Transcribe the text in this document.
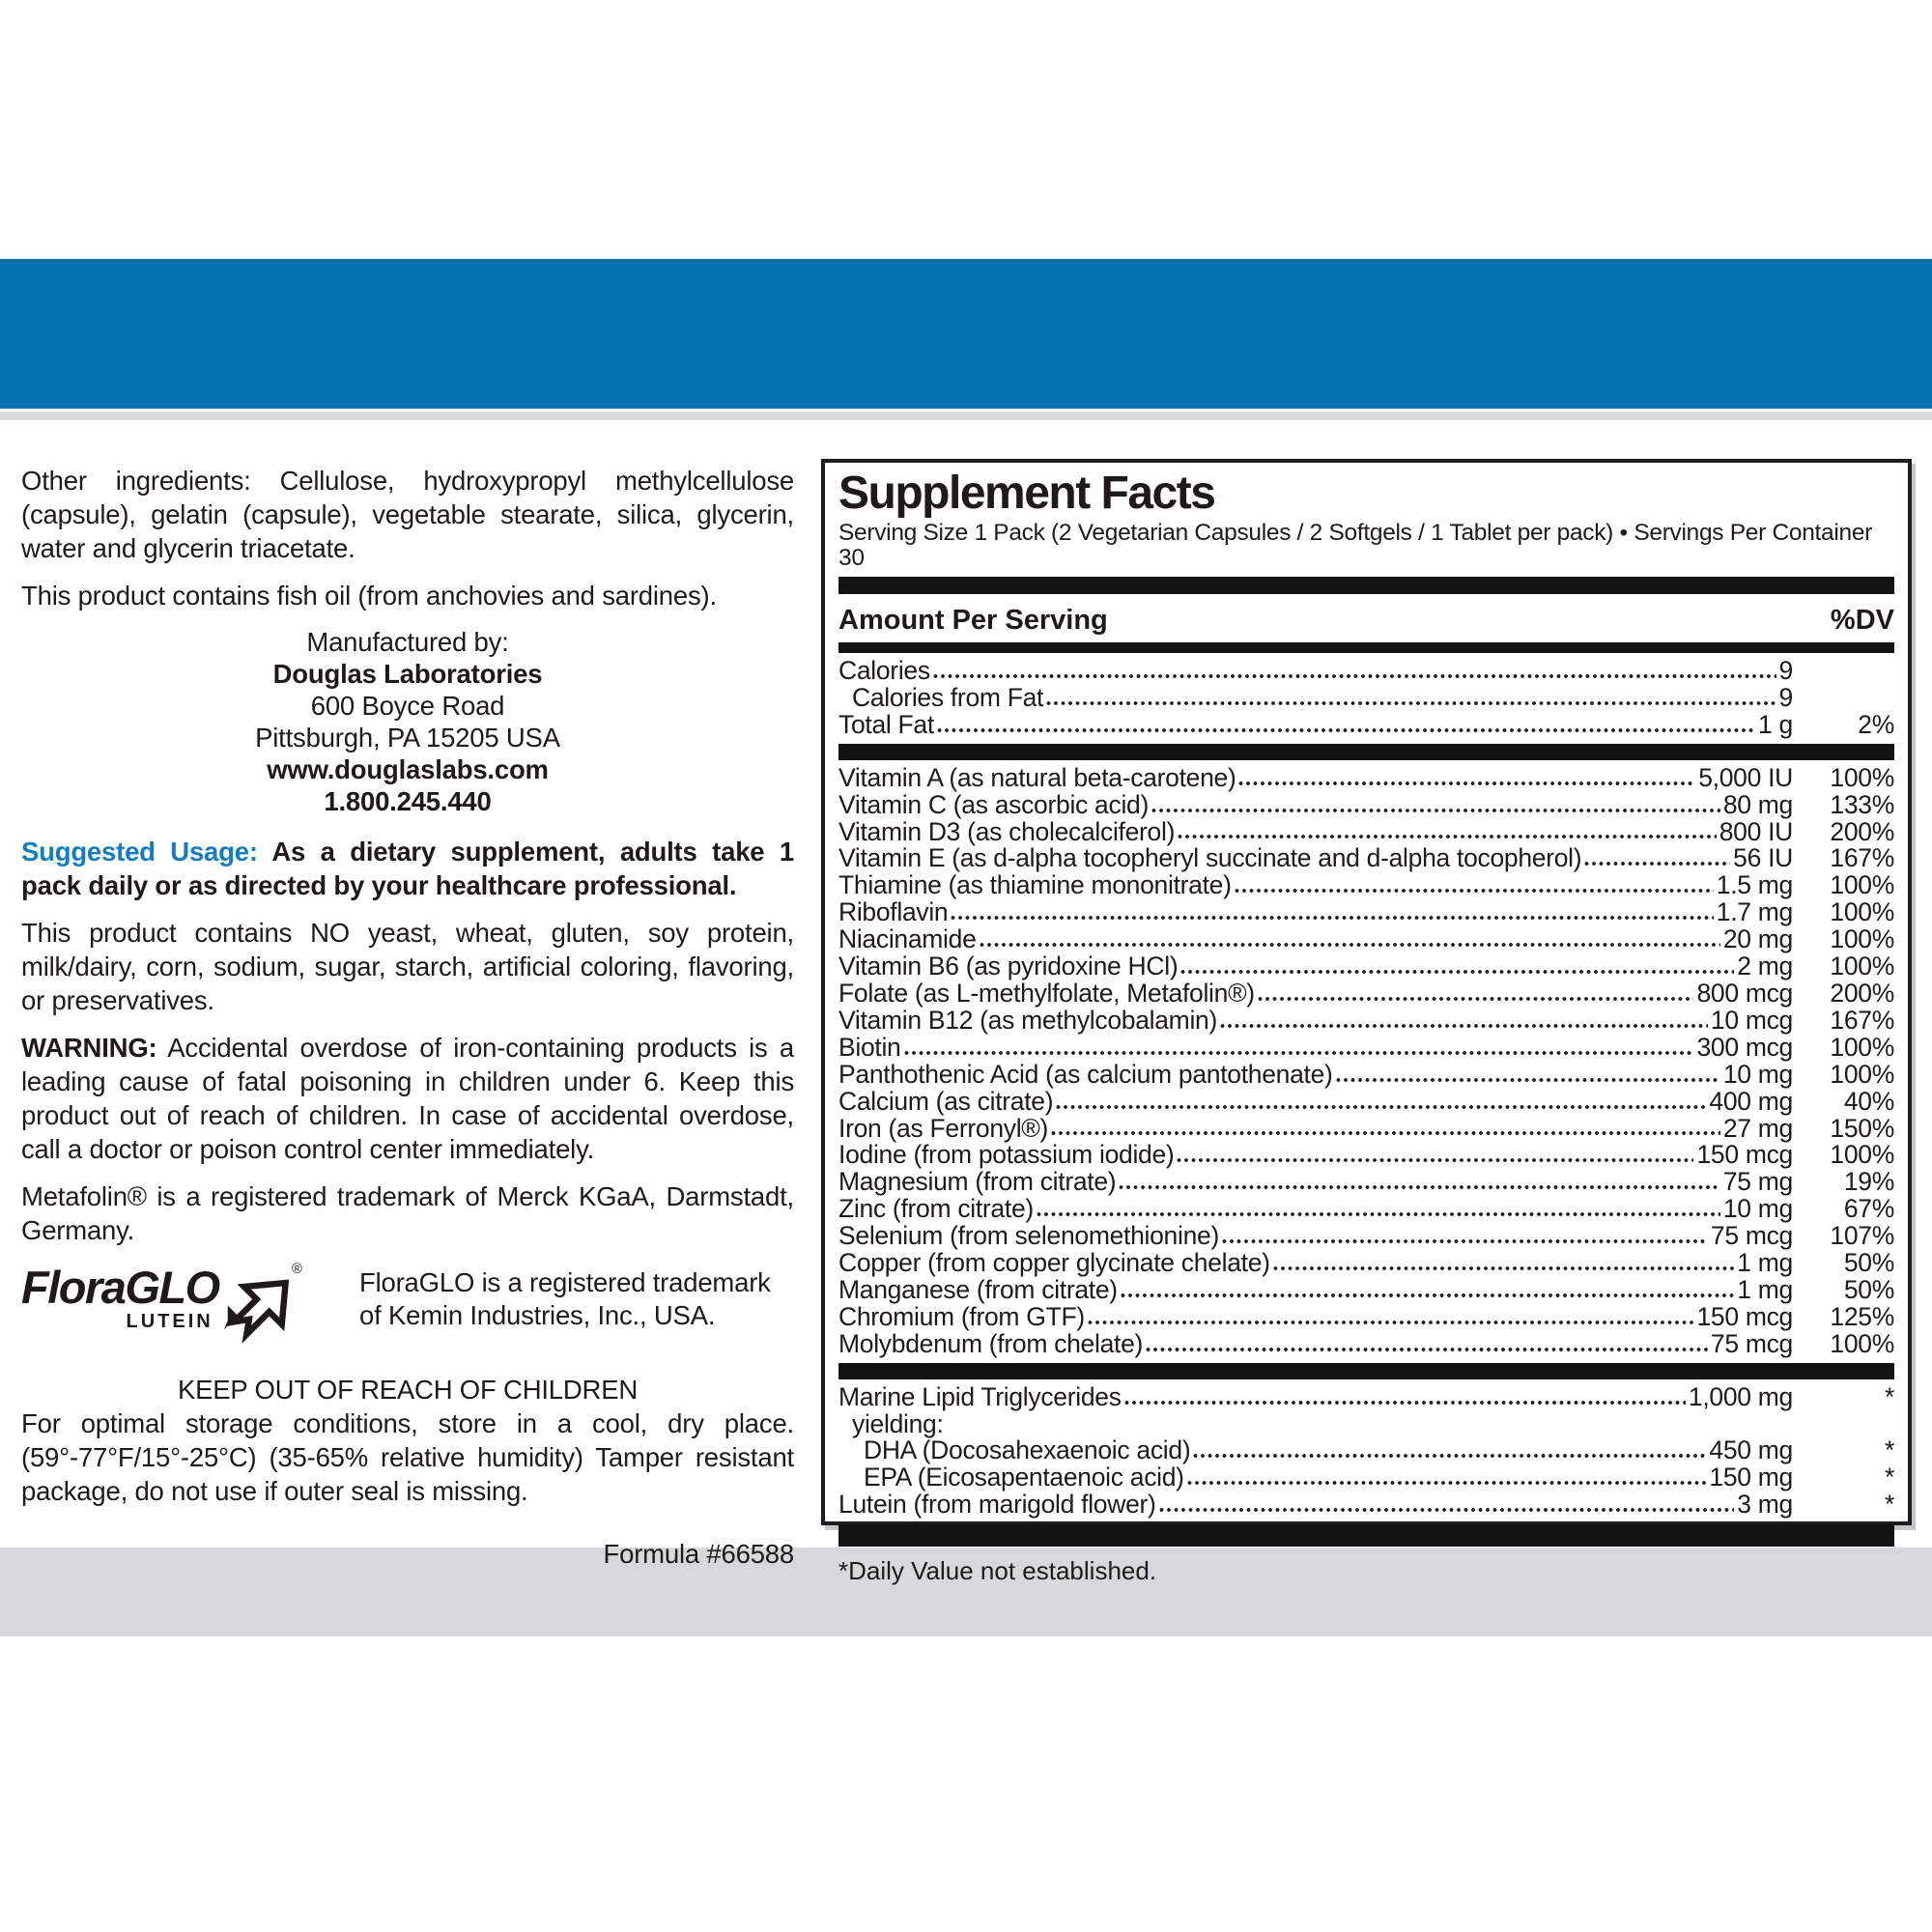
Other ingredients: Cellulose, hydroxypropyl methylcellulose (capsule), gelatin (capsule), vegetable stearate, silica, glycerin, water and glycerin triacetate.

This product contains fish oil (from anchovies and sardines).

Manufactured by:
Douglas Laboratories
600 Boyce Road
Pittsburgh, PA 15205 USA
www.douglaslabs.com
1.800.245.440

Suggested Usage: As a dietary supplement, adults take 1 pack daily or as directed by your healthcare professional.

This product contains NO yeast, wheat, gluten, soy protein, milk/dairy, corn, sodium, sugar, starch, artificial coloring, flavoring, or preservatives.

WARNING: Accidental overdose of iron-containing products is a leading cause of fatal poisoning in children under 6. Keep this product out of reach of children. In case of accidental overdose, call a doctor or poison control center immediately.

Metafolin® is a registered trademark of Merck KGaA, Darmstadt, Germany.

FloraGLO
LUTEIN
® FloraGLO is a registered trademark of Kemin Industries, Inc., USA.

KEEP OUT OF REACH OF CHILDREN

For optimal storage conditions, store in a cool, dry place. (59°-77°F/15°-25°C) (35-65% relative humidity) Tamper resistant package, do not use if outer seal is missing.

Formula #66588

Supplement Facts
Serving Size 1 Pack (2 Vegetarian Capsules / 2 Softgels / 1 Tablet per pack) • Servings Per Container 30
Amount Per Serving	%DV
Calories	9
Calories from Fat	9
Total Fat	1 g	2%
Vitamin A (as natural beta-carotene)	5,000 IU	100%
Vitamin C (as ascorbic acid)	80 mg	133%
Vitamin D3 (as cholecalciferol)	800 IU	200%
Vitamin E (as d-alpha tocopheryl succinate and d-alpha tocopherol)	56 IU	167%
Thiamine (as thiamine mononitrate)	1.5 mg	100%
Riboflavin	1.7 mg	100%
Niacinamide	20 mg	100%
Vitamin B6 (as pyridoxine HCl)	2 mg	100%
Folate (as L-methylfolate, Metafolin®)	800 mcg	200%
Vitamin B12 (as methylcobalamin)	10 mcg	167%
Biotin	300 mcg	100%
Panthothenic Acid (as calcium pantothenate)	10 mg	100%
Calcium (as citrate)	400 mg	40%
Iron (as Ferronyl®)	27 mg	150%
Iodine (from potassium iodide)	150 mcg	100%
Magnesium (from citrate)	75 mg	19%
Zinc (from citrate)	10 mg	67%
Selenium (from selenomethionine)	75 mcg	107%
Copper (from copper glycinate chelate)	1 mg	50%
Manganese (from citrate)	1 mg	50%
Chromium (from GTF)	150 mcg	125%
Molybdenum (from chelate)	75 mcg	100%
Marine Lipid Triglycerides	1,000 mg	*
yielding:
DHA (Docosahexaenoic acid)	450 mg	*
EPA (Eicosapentaenoic acid)	150 mg	*
Lutein (from marigold flower)	3 mg	*
*Daily Value not established.
